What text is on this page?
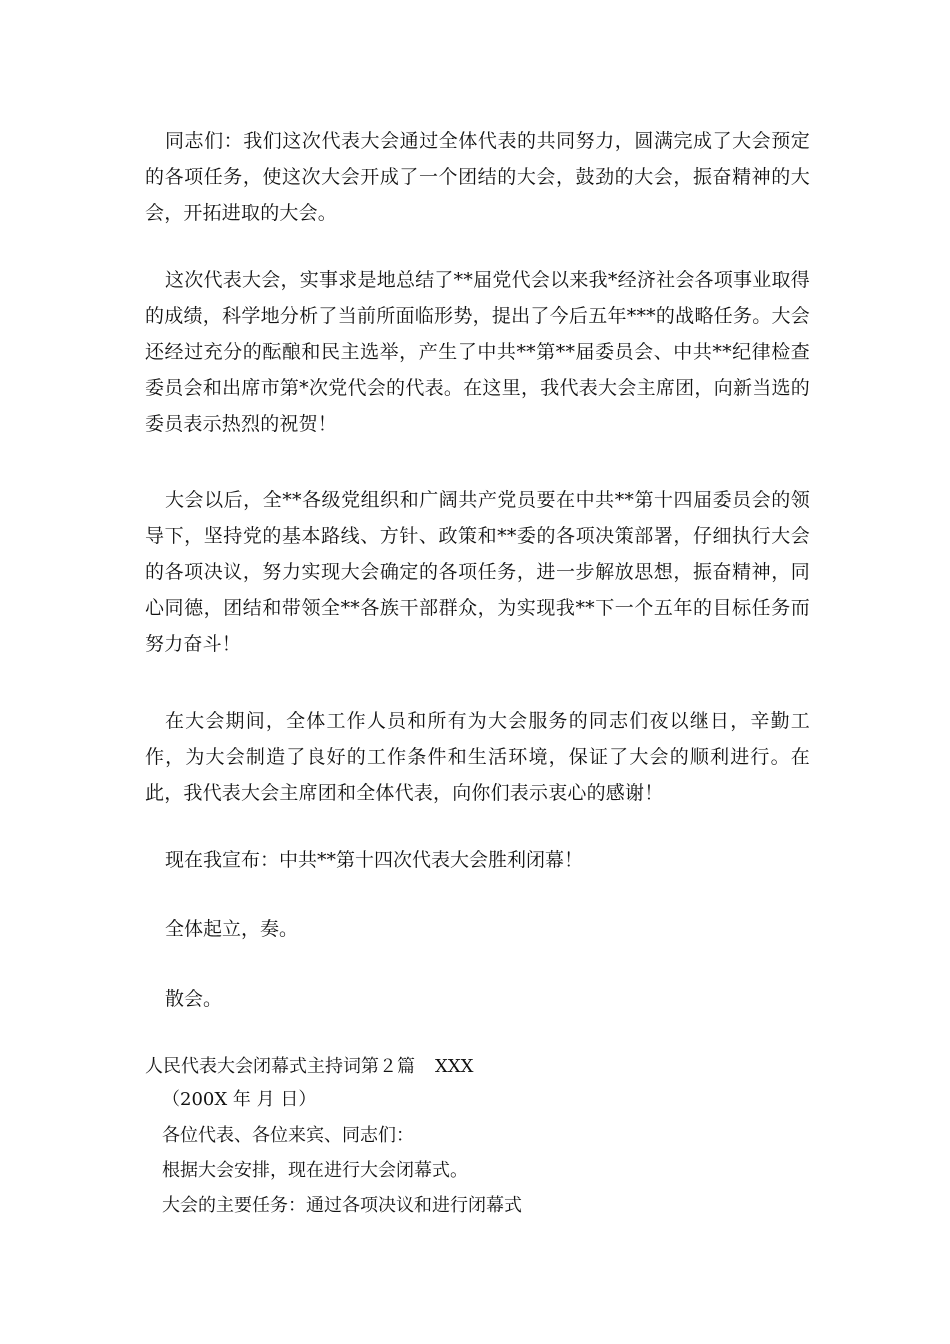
同志们：我们这次代表大会通过全体代表的共同努力，圆满完成了大会预定的各项任务，使这次大会开成了一个团结的大会，鼓劲的大会，振奋精神的大会，开拓进取的大会。

这次代表大会，实事求是地总结了**届党代会以来我*经济社会各项事业取得的成绩，科学地分析了当前所面临形势，提出了今后五年***的战略任务。大会还经过充分的酝酿和民主选举，产生了中共**第**届委员会、中共**纪律检查委员会和出席市第*次党代会的代表。在这里，我代表大会主席团，向新当选的委员表示热烈的祝贺！

大会以后，全**各级党组织和广阔共产党员要在中共**第十四届委员会的领导下，坚持党的基本路线、方针、政策和**委的各项决策部署，仔细执行大会的各项决议，努力实现大会确定的各项任务，进一步解放思想，振奋精神，同心同德，团结和带领全**各族干部群众，为实现我**下一个五年的目标任务而努力奋斗！

在大会期间，全体工作人员和所有为大会服务的同志们夜以继日，辛勤工作，为大会制造了良好的工作条件和生活环境，保证了大会的顺利进行。在此，我代表大会主席团和全体代表，向你们表示衷心的感谢！

现在我宣布：中共**第十四次代表大会胜利闭幕！

全体起立，奏。

散会。

人民代表大会闭幕式主持词第２篇 XXX

（200X 年 月 日）

各位代表、各位来宾、同志们：

根据大会安排，现在进行大会闭幕式。

大会的主要任务：通过各项决议和进行闭幕式
